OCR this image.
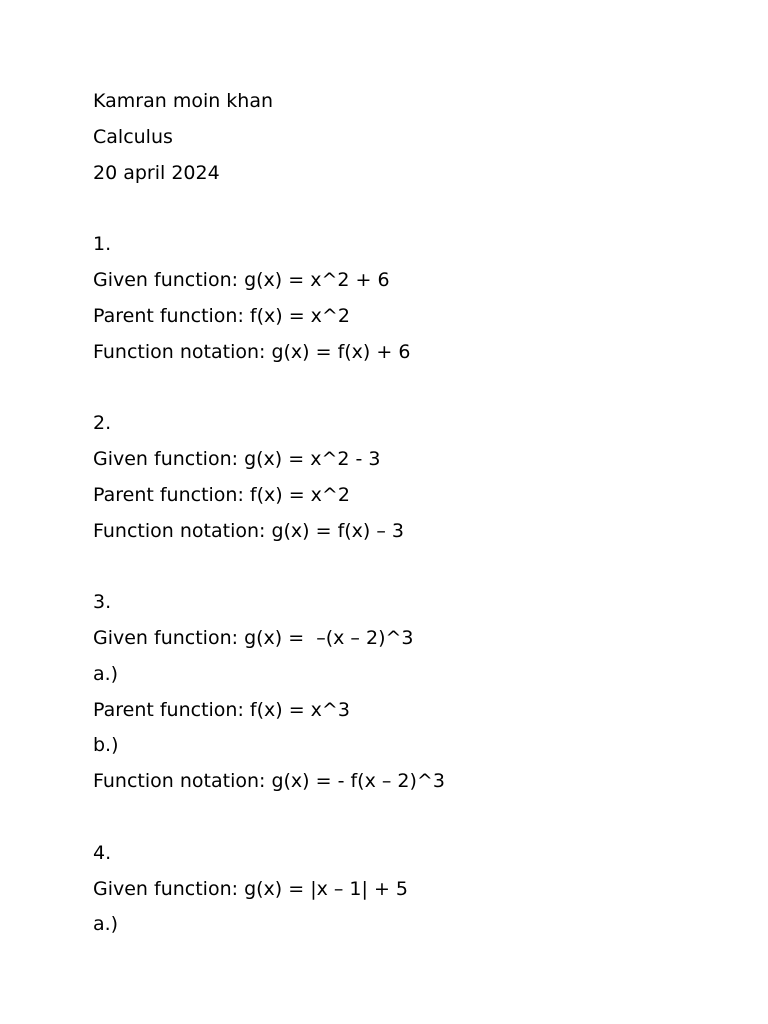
Kamran moin khan
Calculus
20 april 2024
1.
Given function: g(x) = x^2 + 6
Parent function: f(x) = x^2
Function notation: g(x) = f(x) + 6
2.
Given function: g(x) = x^2 - 3
Parent function: f(x) = x^2
Function notation: g(x) = f(x) – 3
3.
Given function: g(x) =  –(x – 2)^3
a.)
Parent function: f(x) = x^3
b.)
Function notation: g(x) = - f(x – 2)^3
4.
Given function: g(x) = |x – 1| + 5
a.)
